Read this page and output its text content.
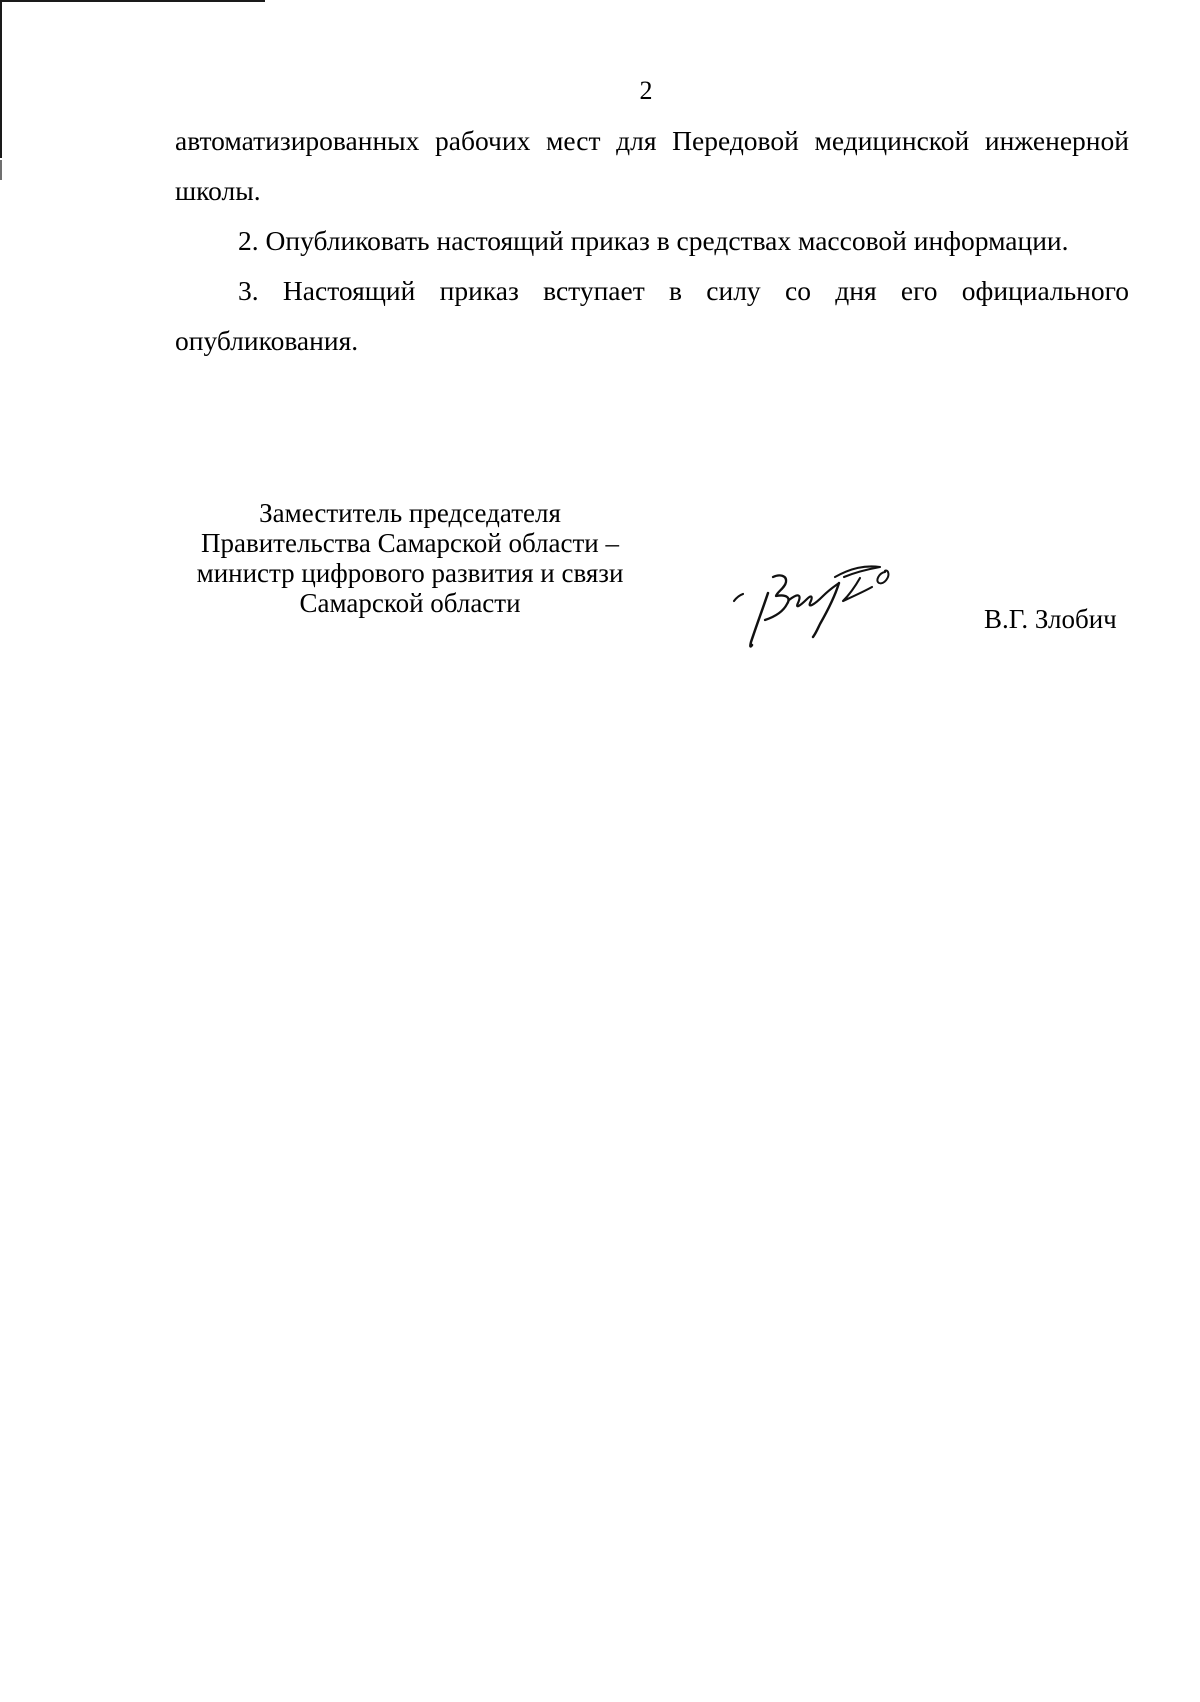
2
автоматизированных рабочих мест для Передовой медицинской инженерной
школы.
2. Опубликовать настоящий приказ в средствах массовой информации.
3. Настоящий приказ вступает в силу со дня его официального
опубликования.
Заместитель председателя
Правительства Самарской области –
министр цифрового развития и связи
Самарской области
В.Г. Злобич
